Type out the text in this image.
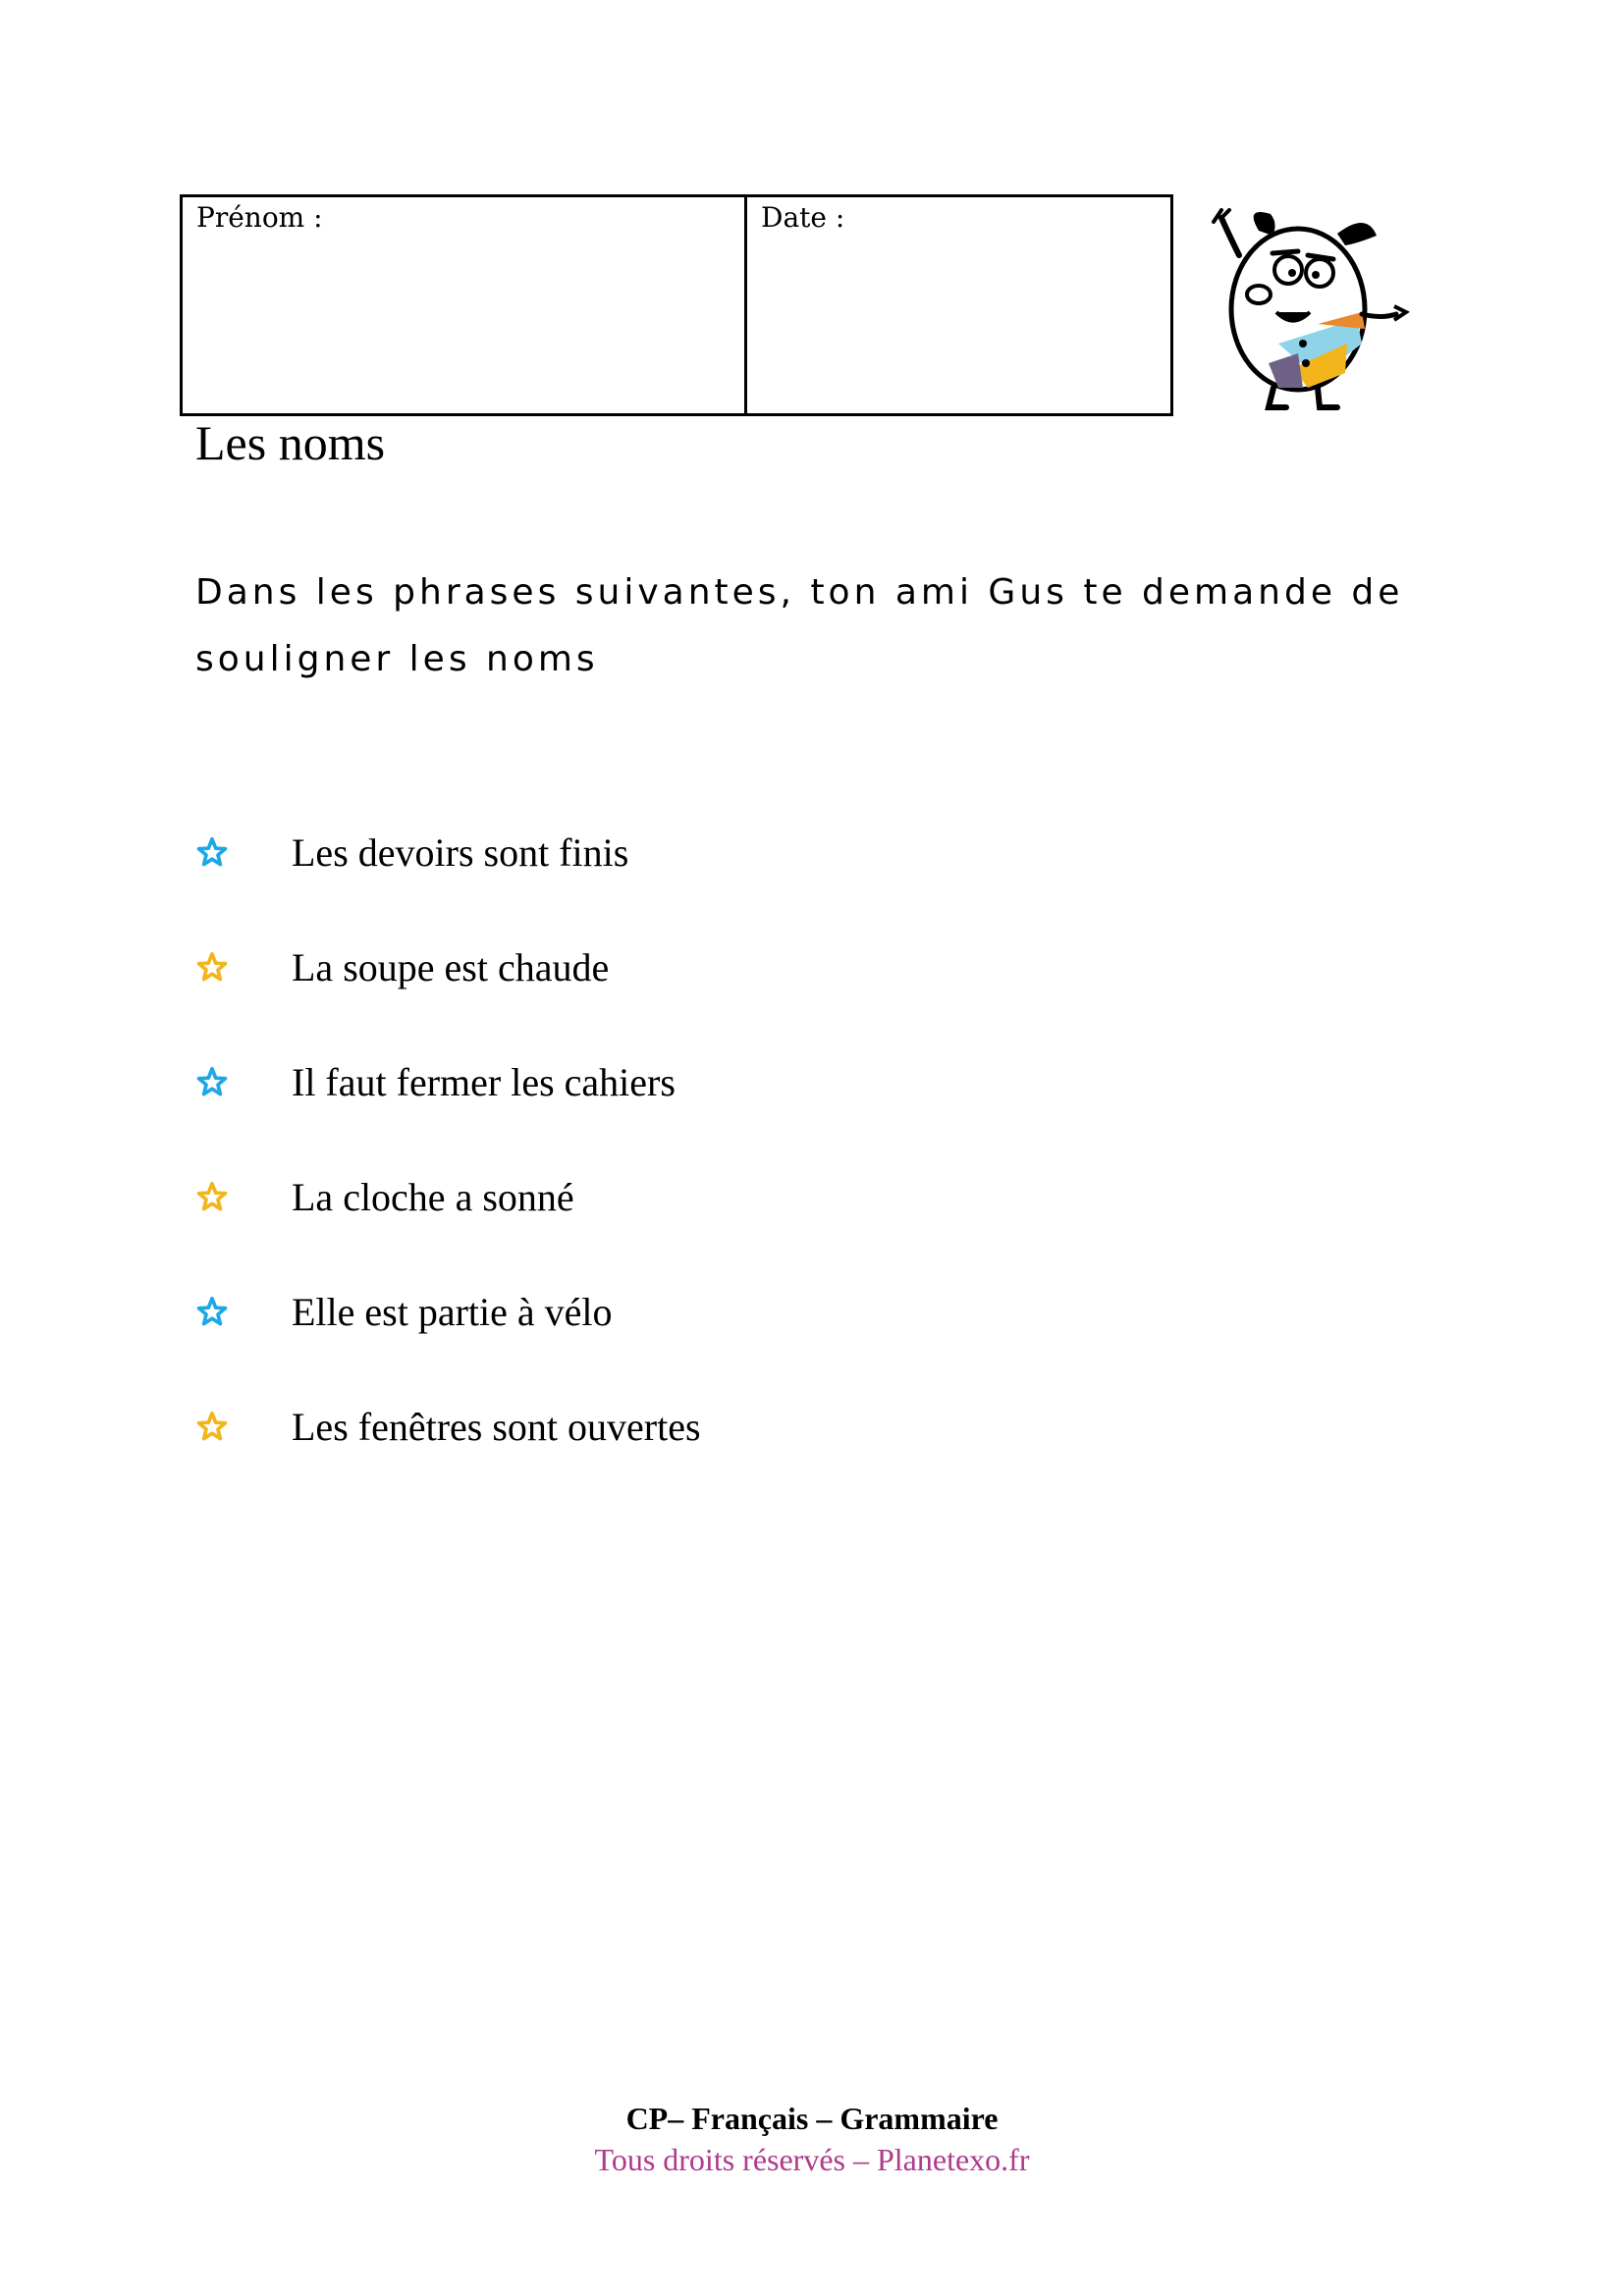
Prénom :	Date :
Les noms

Dans les phrases suivantes, ton ami Gus te demande de souligner les noms

Les devoirs sont finis
La soupe est chaude
Il faut fermer les cahiers
La cloche a sonné
Elle est partie à vélo
Les fenêtres sont ouvertes
CP– Français – Grammaire
Tous droits réservés – Planetexo.fr
